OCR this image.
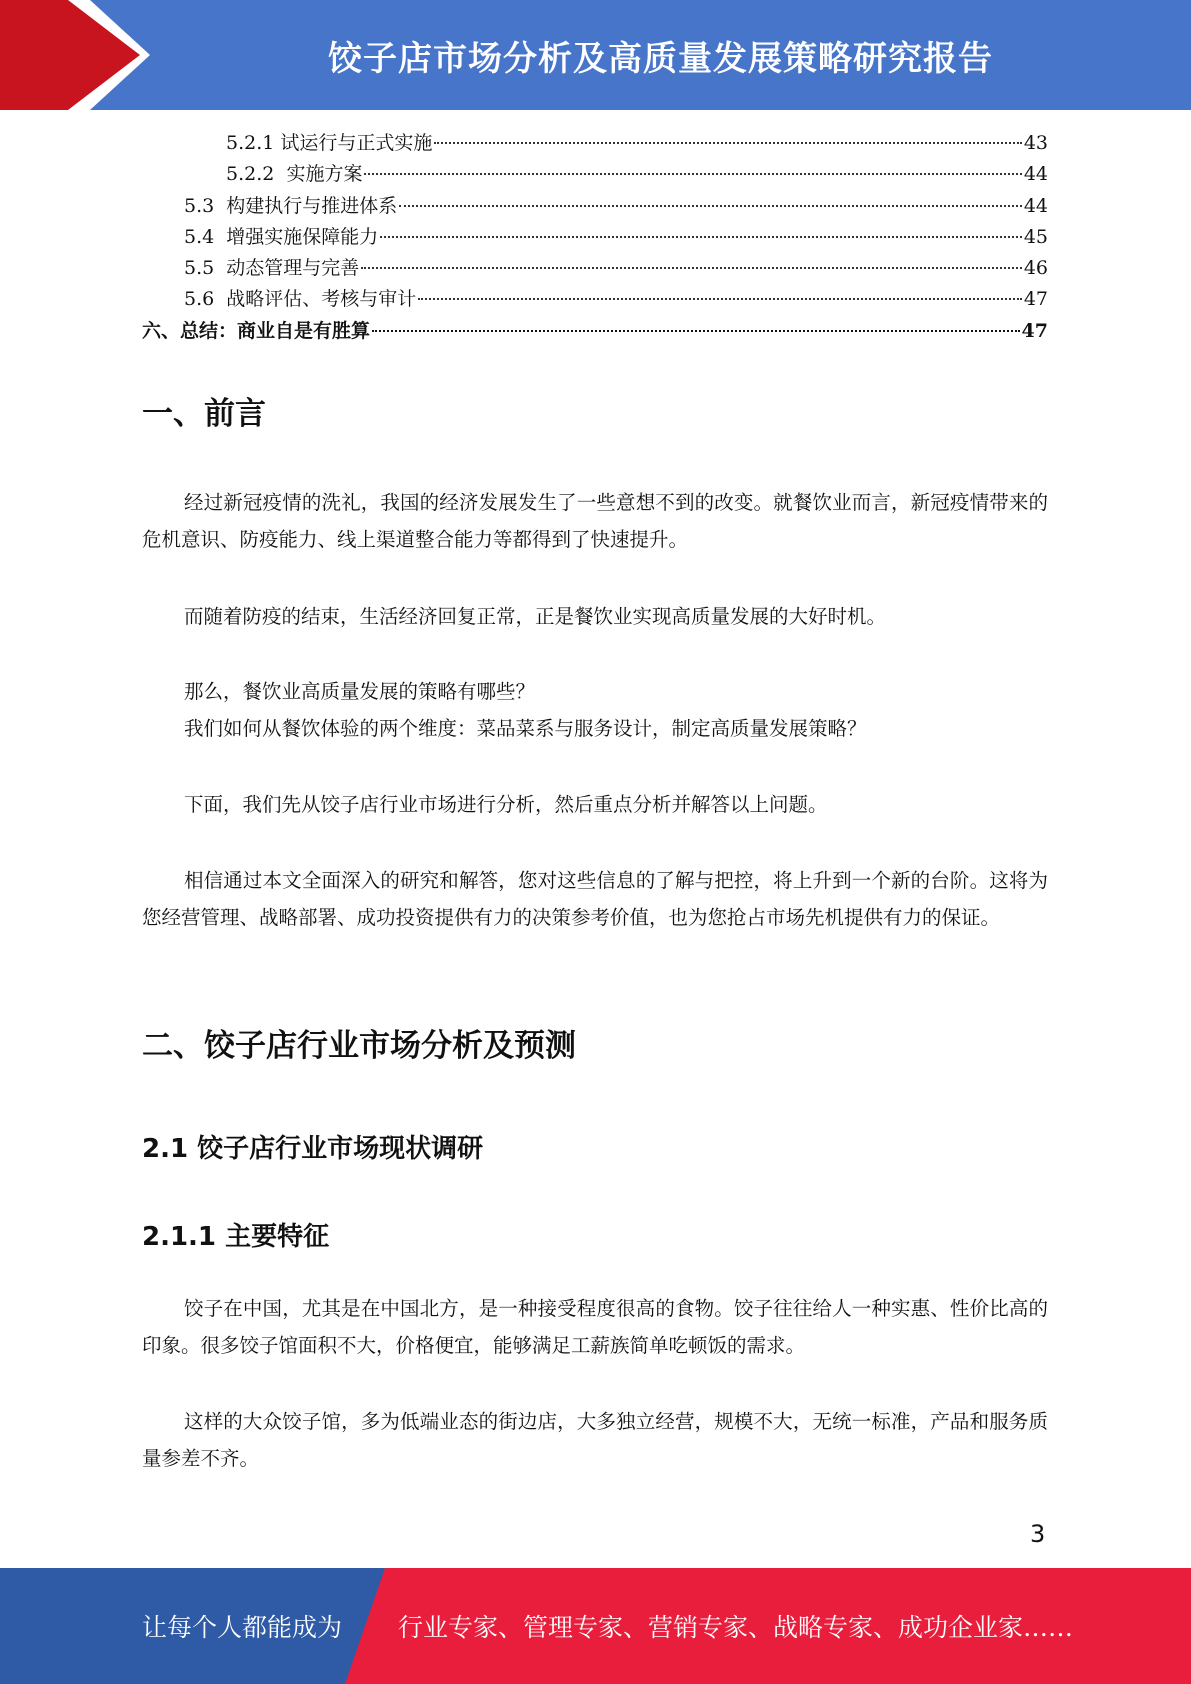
饺子店市场分析及高质量发展策略研究报告
5.2.1 试运行与正式实施	43
5.2.2 实施方案	44
5.3 构建执行与推进体系	44
5.4 增强实施保障能力	45
5.5 动态管理与完善	46
5.6 战略评估、考核与审计	47
六、 总结：商业自是有胜算	47
一、前言

经过新冠疫情的洗礼，我国的经济发展发生了一些意想不到的改变。就餐饮业而言，新冠疫情带来的危机意识、防疫能力、线上渠道整合能力等都得到了快速提升。

而随着防疫的结束，生活经济回复正常，正是餐饮业实现高质量发展的大好时机。

那么，餐饮业高质量发展的策略有哪些？

我们如何从餐饮体验的两个维度：菜品菜系与服务设计，制定高质量发展策略？

下面，我们先从饺子店行业市场进行分析，然后重点分析并解答以上问题。

相信通过本文全面深入的研究和解答，您对这些信息的了解与把控，将上升到一个新的台阶。这将为您经营管理、战略部署、成功投资提供有力的决策参考价值，也为您抢占市场先机提供有力的保证。

二、饺子店行业市场分析及预测
2.1 饺子店行业市场现状调研
2.1.1 主要特征

饺子在中国，尤其是在中国北方，是一种接受程度很高的食物。饺子往往给人一种实惠、性价比高的印象。很多饺子馆面积不大，价格便宜，能够满足工薪族简单吃顿饭的需求。

这样的大众饺子馆，多为低端业态的街边店，大多独立经营，规模不大，无统一标准，产品和服务质量参差不齐。

3
让每个人都能成为 行业专家、管理专家、营销专家、战略专家、成功企业家……
